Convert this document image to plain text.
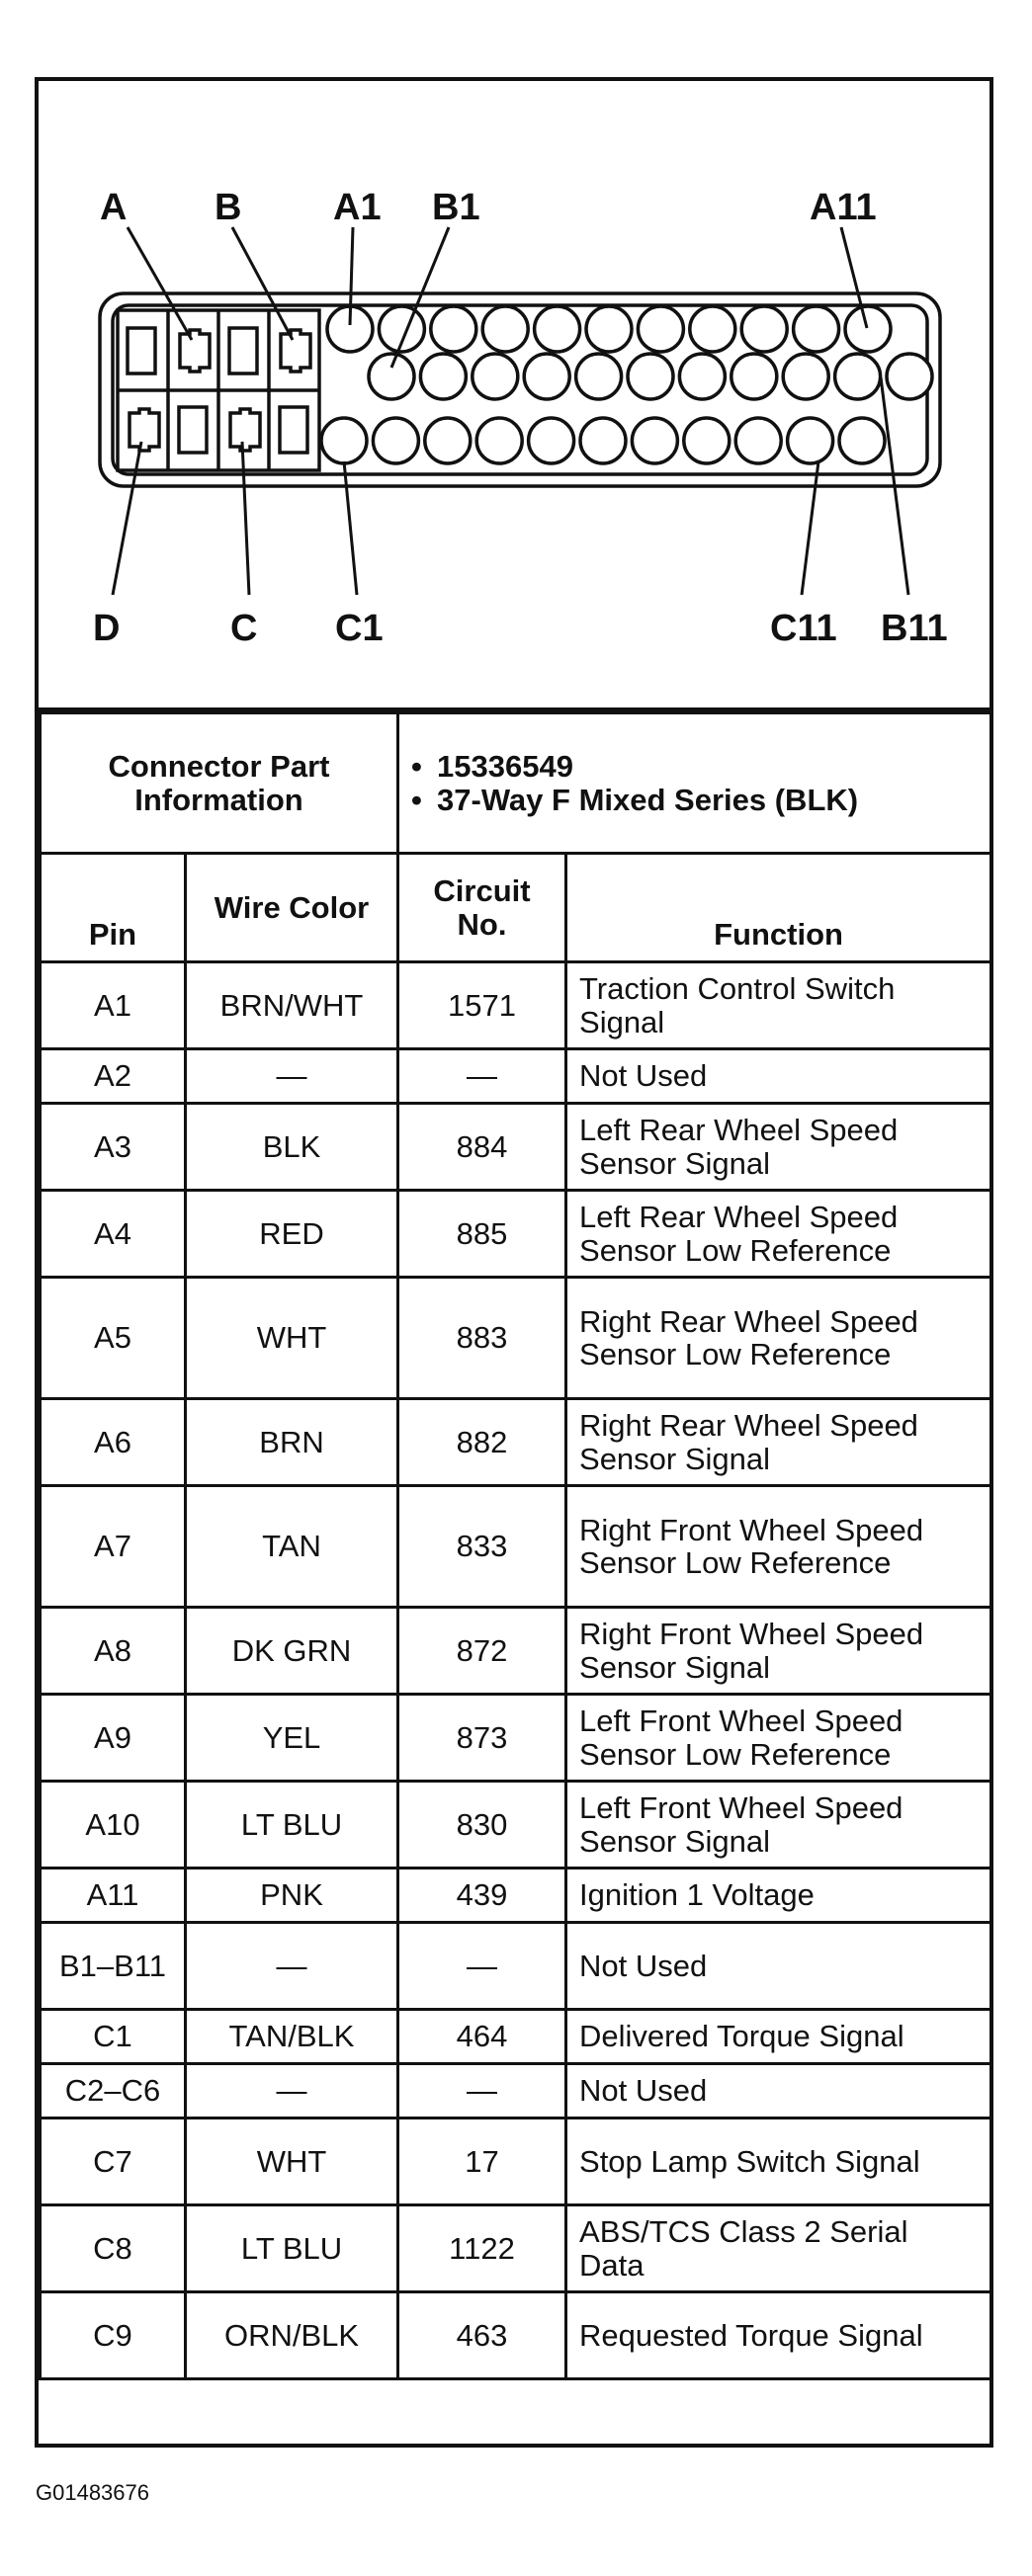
A B A1 B1	A11
D	C C1	C11 B11
Connector Part Information		• 15336549
• 37-Way F Mixed Series (BLK)	

Pin	Wire Color	Circuit No.	Function
A1	BRN/WHT	1571	Traction Control Switch Signal
A2	—	—	Not Used
A3	BLK	884	Left Rear Wheel Speed Sensor Signal
A4	RED	885	Left Rear Wheel Speed Sensor Low Reference
A5	WHT	883	Right Rear Wheel Speed Sensor Low Reference
A6	BRN	882	Right Rear Wheel Speed Sensor Signal
A7	TAN	833	Right Front Wheel Speed Sensor Low Reference
A8	DK GRN	872	Right Front Wheel Speed Sensor Signal
A9	YEL	873	Left Front Wheel Speed Sensor Low Reference
A10	LT BLU	830	Left Front Wheel Speed Sensor Signal
A11	PNK	439	Ignition 1 Voltage
B1–B11	—	—	Not Used
C1	TAN/BLK	464	Delivered Torque Signal
C2–C6	—	—	Not Used
C7	WHT	17	Stop Lamp Switch Signal
C8	LT BLU	1122	ABS/TCS Class 2 Serial Data
C9	ORN/BLK	463	Requested Torque Signal
G01483676
